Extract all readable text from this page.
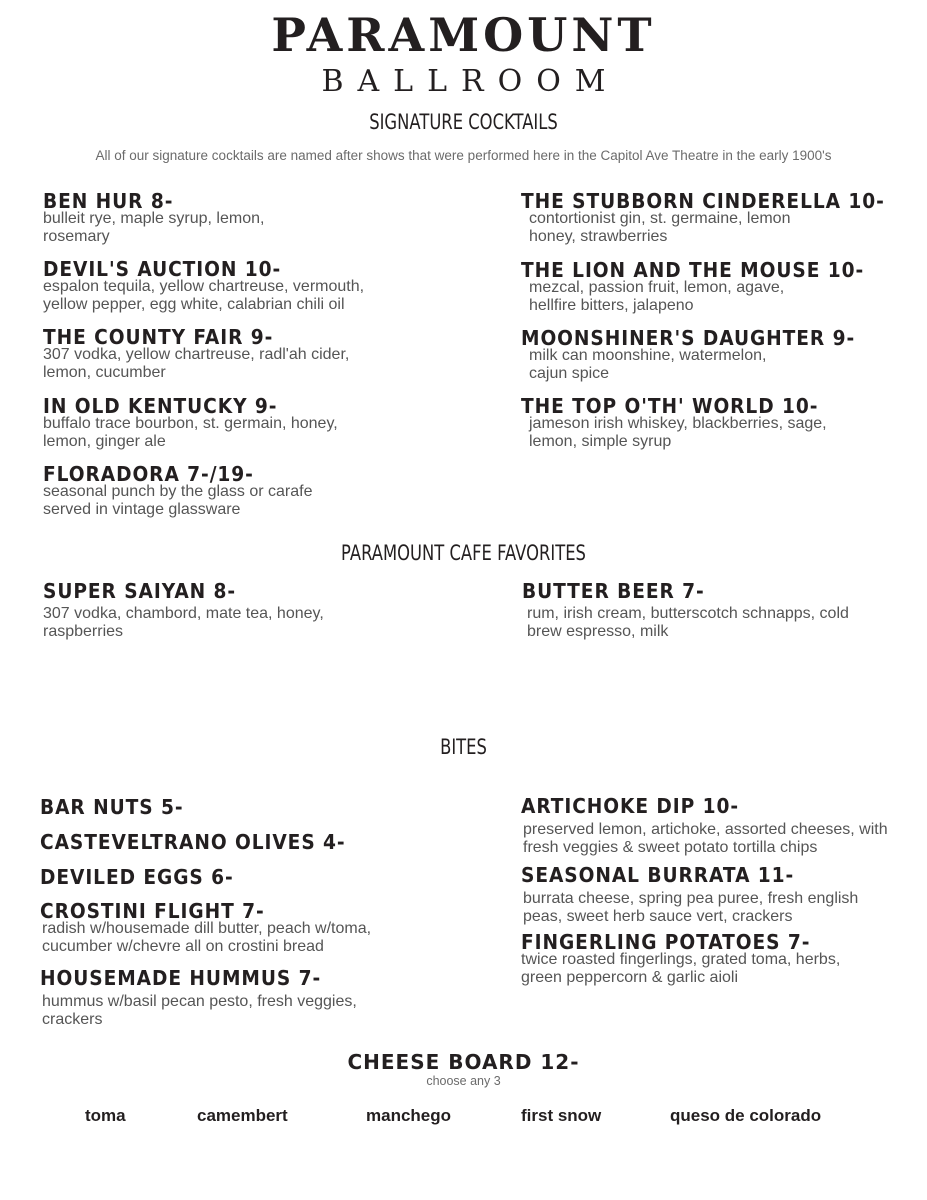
PARAMOUNT
BALLROOM
SIGNATURE COCKTAILS
All of our signature cocktails are named after shows that were performed here in the Capitol Ave Theatre in the early 1900's
BEN HUR 8-
bulleit rye, maple syrup, lemon, rosemary
DEVIL'S AUCTION 10-
espalon tequila, yellow chartreuse, vermouth, yellow pepper, egg white, calabrian chili oil
THE COUNTY FAIR 9-
307 vodka, yellow chartreuse, radl'ah cider, lemon, cucumber
IN OLD KENTUCKY 9-
buffalo trace bourbon, st. germain, honey, lemon, ginger ale
FLORADORA 7-/19-
seasonal punch by the glass or carafe served in vintage glassware
THE STUBBORN CINDERELLA 10-
contortionist gin, st. germaine, lemon honey, strawberries
THE LION AND THE MOUSE 10-
mezcal, passion fruit, lemon, agave, hellfire bitters, jalapeno
MOONSHINER'S DAUGHTER 9-
milk can moonshine, watermelon, cajun spice
THE TOP O'TH' WORLD 10-
jameson irish whiskey, blackberries, sage, lemon, simple syrup
PARAMOUNT CAFE FAVORITES
SUPER SAIYAN 8-
307 vodka, chambord, mate tea, honey, raspberries
BUTTER BEER 7-
rum, irish cream, butterscotch schnapps, cold brew espresso, milk
BITES
BAR NUTS 5-
CASTEVELTRANO OLIVES 4-
DEVILED EGGS 6-
CROSTINI FLIGHT 7-
radish w/housemade dill butter, peach w/toma, cucumber w/chevre all on crostini bread
HOUSEMADE HUMMUS 7-
hummus w/basil pecan pesto, fresh veggies, crackers
ARTICHOKE DIP 10-
preserved lemon, artichoke, assorted cheeses, with fresh veggies & sweet potato tortilla chips
SEASONAL BURRATA 11-
burrata cheese, spring pea puree, fresh english peas, sweet herb sauce vert, crackers
FINGERLING POTATOES 7-
twice roasted fingerlings, grated toma, herbs, green peppercorn & garlic aioli
CHEESE BOARD 12-
choose any 3
toma	camembert	manchego	first snow	queso de colorado
